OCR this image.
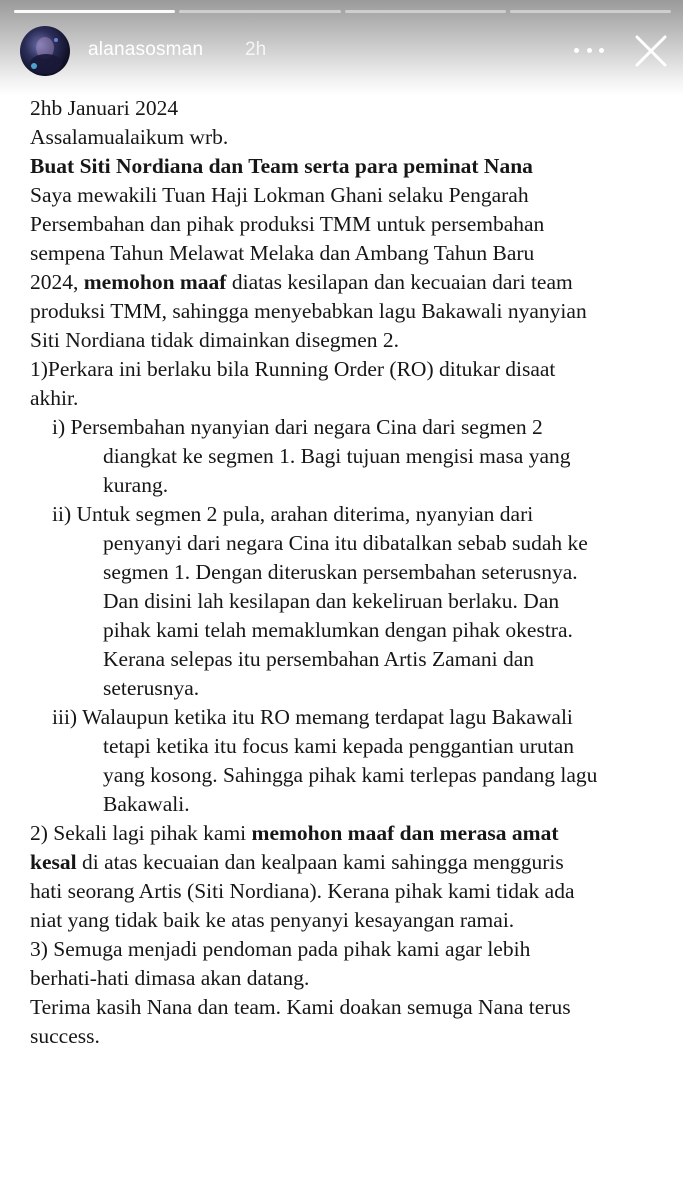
alanasosman 2h
2hb Januari 2024
Assalamualaikum wrb.
Buat Siti Nordiana dan Team serta para peminat Nana
Saya mewakili Tuan Haji Lokman Ghani selaku Pengarah
Persembahan dan pihak produksi TMM untuk persembahan
sempena Tahun Melawat Melaka dan Ambang Tahun Baru
2024, memohon maaf diatas kesilapan dan kecuaian dari team
produksi TMM, sahingga menyebabkan lagu Bakawali nyanyian
Siti Nordiana tidak dimainkan disegmen 2.
1)Perkara ini berlaku bila Running Order (RO) ditukar disaat
akhir.
i) Persembahan nyanyian dari negara Cina dari segmen 2
diangkat ke segmen 1. Bagi tujuan mengisi masa yang
kurang.
ii) Untuk segmen 2 pula, arahan diterima, nyanyian dari
penyanyi dari negara Cina itu dibatalkan sebab sudah ke
segmen 1. Dengan diteruskan persembahan seterusnya.
Dan disini lah kesilapan dan kekeliruan berlaku. Dan
pihak kami telah memaklumkan dengan pihak okestra.
Kerana selepas itu persembahan Artis Zamani dan
seterusnya.
iii) Walaupun ketika itu RO memang terdapat lagu Bakawali
tetapi ketika itu focus kami kepada penggantian urutan
yang kosong. Sahingga pihak kami terlepas pandang lagu
Bakawali.
2) Sekali lagi pihak kami memohon maaf dan merasa amat
kesal di atas kecuaian dan kealpaan kami sahingga mengguris
hati seorang Artis (Siti Nordiana). Kerana pihak kami tidak ada
niat yang tidak baik ke atas penyanyi kesayangan ramai.
3) Semuga menjadi pendoman pada pihak kami agar lebih
berhati-hati dimasa akan datang.
Terima kasih Nana dan team. Kami doakan semuga Nana terus
success.
